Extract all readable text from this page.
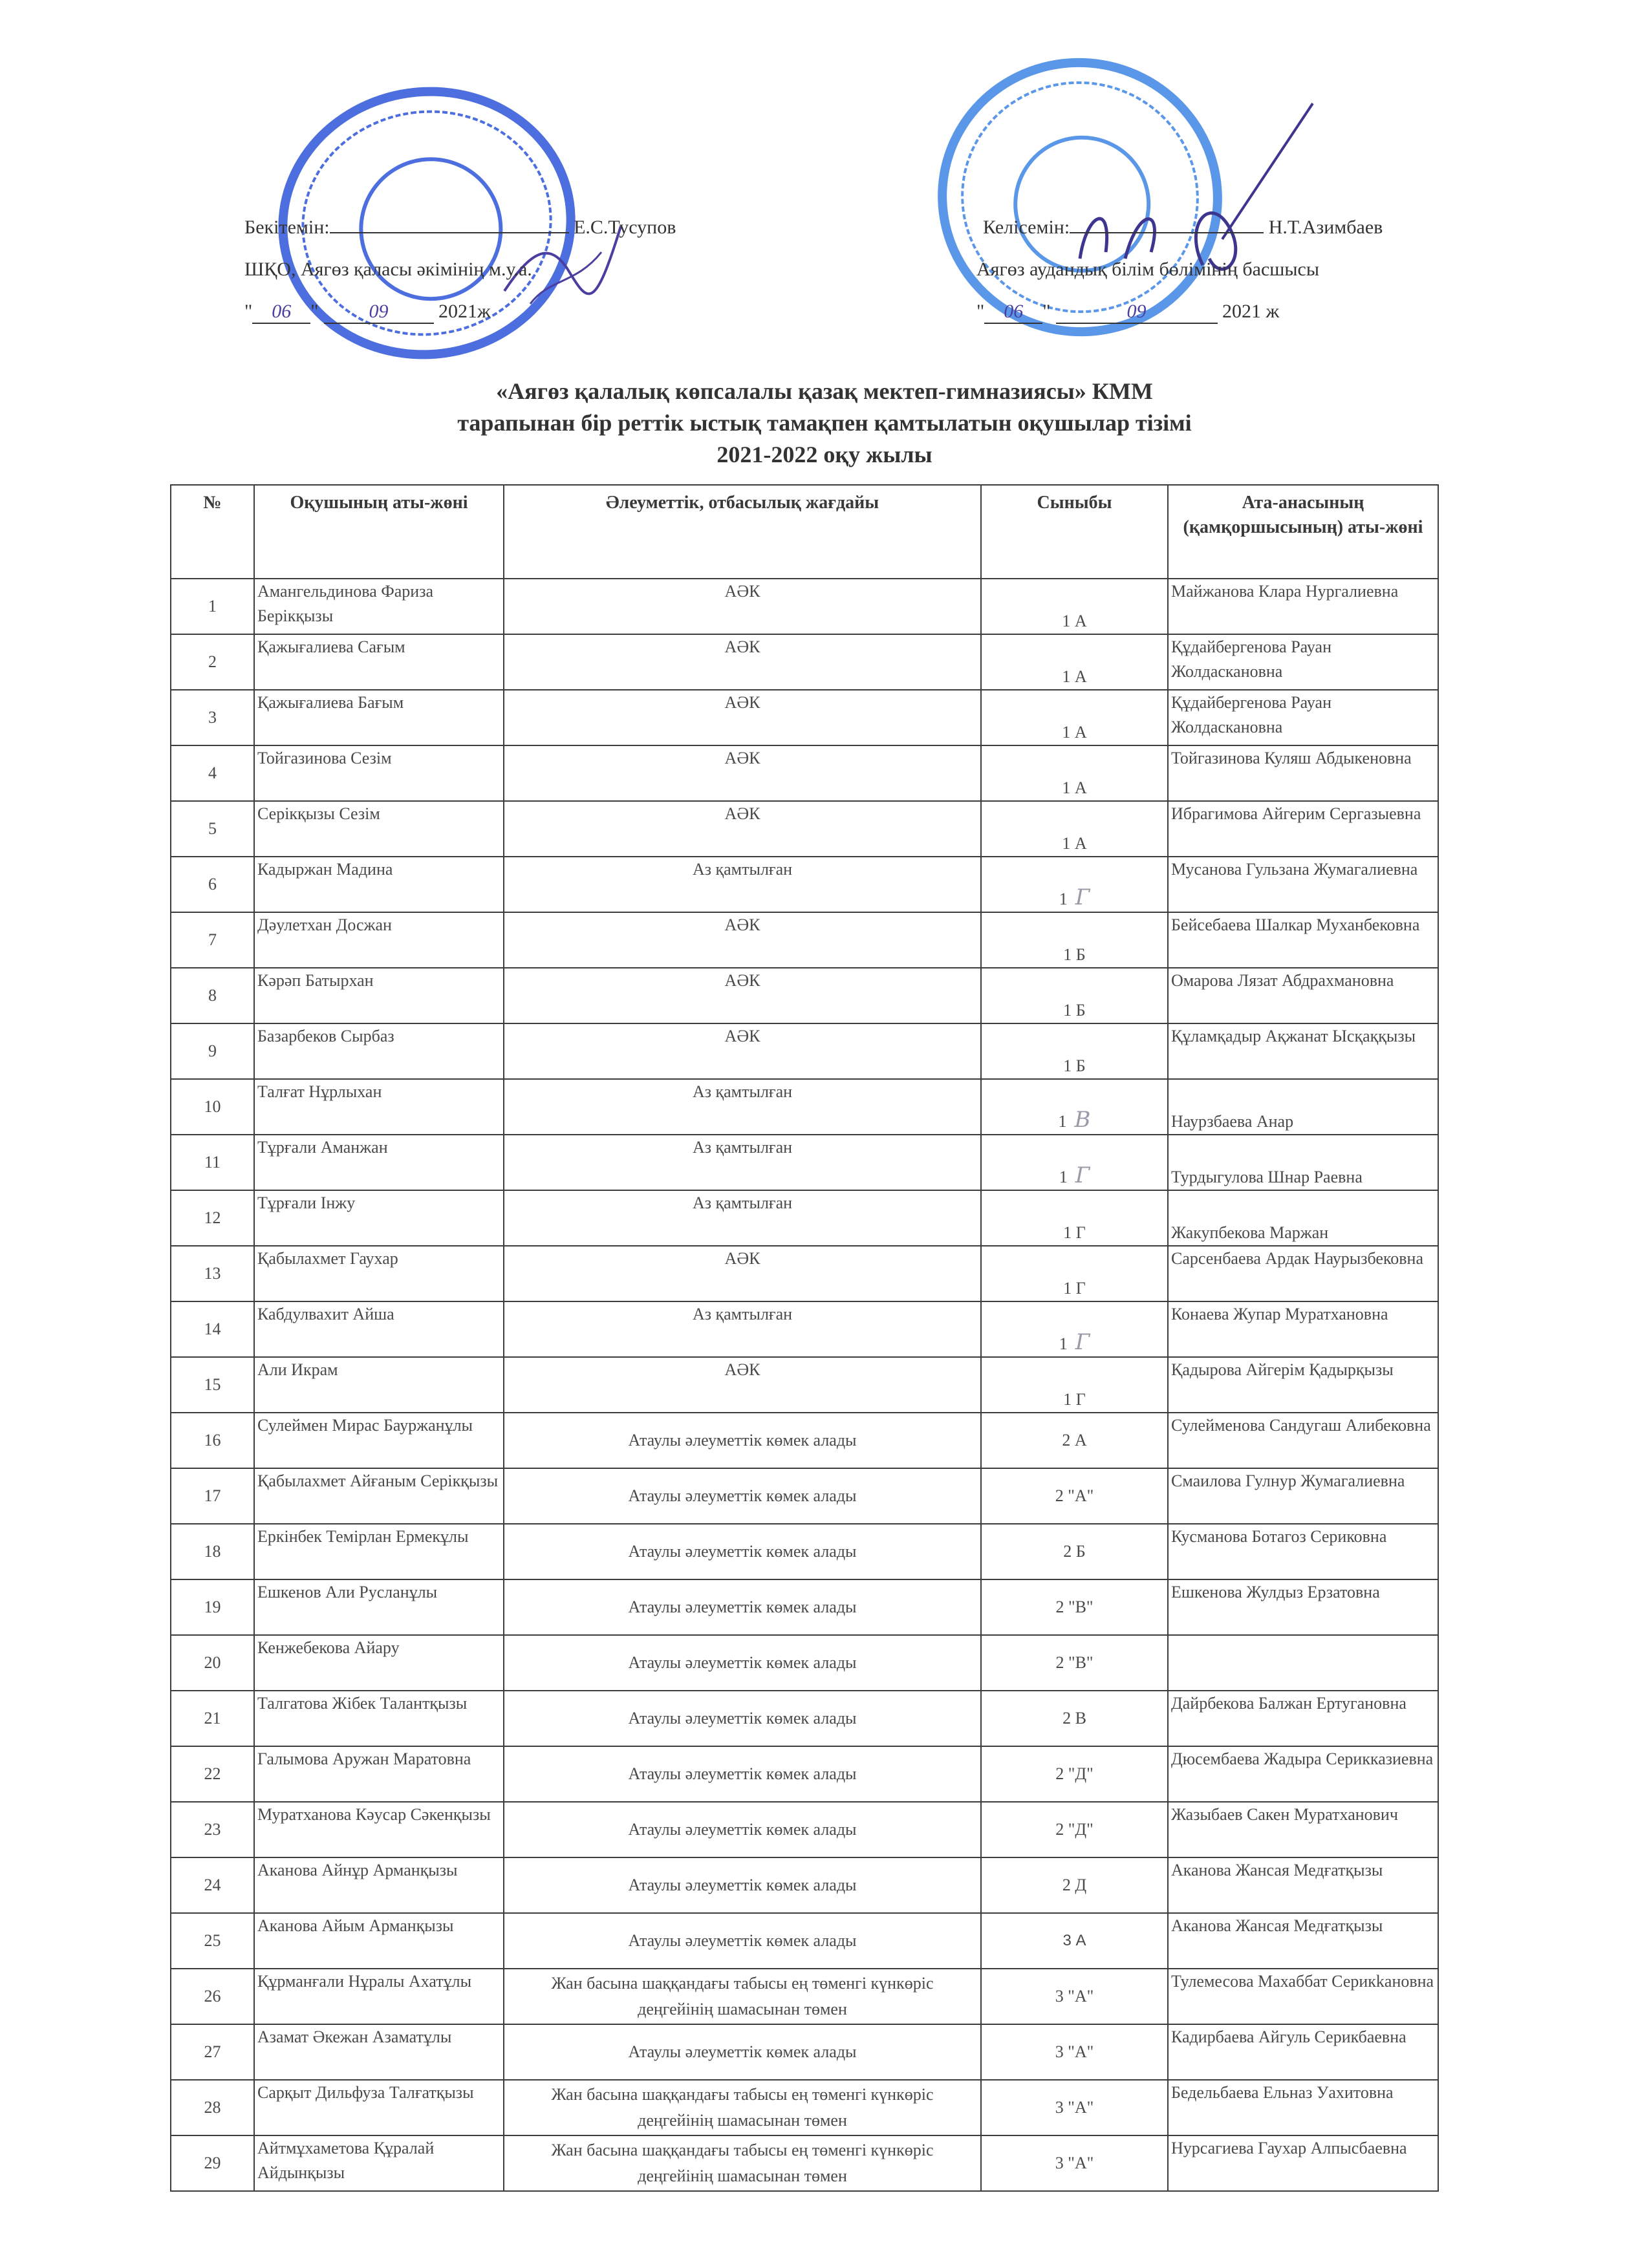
Бекітемін:	Е.С.Тусупов
ШҚО, Аягөз қаласы әкімінің м.у.а.
" 06 "	09	2021ж
Келісемін:	Н.Т.Азимбаев
Аягөз аудандық білім бөлімінің басшысы
" 06 "	09	2021 ж
«Аягөз қалалық көпсалалы қазақ мектеп-гимназиясы» КММ
тарапынан бір реттік ыстық тамақпен қамтылатын оқушылар тізімі
2021-2022 оқу жылы
№	Оқушының аты-жөні	Әлеуметтік, отбасылық жағдайы	Сыныбы	Ата-анасының (қамқоршысының) аты-жөні
1	Амангельдинова Фариза Берікқызы	АӘК	1 А	Майжанова Клара Нургалиевна
2	Қажығалиева Сағым	АӘК	1 А	Құдайбергенова Рауан Жолдаскановна
3	Қажығалиева Бағым	АӘК	1 А	Құдайбергенова Рауан Жолдаскановна
4	Тойгазинова Сезім	АӘК	1 А	Тойгазинова Куляш Абдыкеновна
5	Серікқызы Сезім	АӘК	1 А	Ибрагимова Айгерим Сергазыевна
6	Кадыржан Мадина	Аз қамтылған	1 Г	Мусанова Гульзана Жумагалиевна
7	Дәулетхан Досжан	АӘК	1 Б	Бейсебаева Шалкар Муханбековна
8	Кәрәп Батырхан	АӘК	1 Б	Омарова Лязат Абдрахмановна
9	Базарбеков Сырбаз	АӘК	1 Б	Құламқадыр Ақжанат Ысқаққызы
10	Талғат Нұрлыхан	Аз қамтылған	1 В	Наурзбаева Анар
11	Тұрғали Аманжан	Аз қамтылған	1 Г	Турдыгулова Шнар Раевна
12	Тұрғали Інжу	Аз қамтылған	1 Г	Жакупбекова Маржан
13	Қабылахмет Гаухар	АӘК	1 Г	Сарсенбаева Ардак Наурызбековна
14	Кабдулвахит Айша	Аз қамтылған	1 Г	Конаева Жупар Муратхановна
15	Али Икрам	АӘК	1 Г	Қадырова Айгерім Қадырқызы
16	Сулеймен Мирас Бауржанұлы	Атаулы әлеуметтік көмек алады	2 А	Сулейменова Сандугаш Алибековна
17	Қабылахмет Айғаным Серікқызы	Атаулы әлеуметтік көмек алады	2 "А"	Смаилова Гулнур Жумагалиевна
18	Еркінбек Темірлан Ермекұлы	Атаулы әлеуметтік көмек алады	2 Б	Кусманова Ботагоз Сериковна
19	Ешкенов Али Русланұлы	Атаулы әлеуметтік көмек алады	2 "В"	Ешкенова Жулдыз Ерзатовна
20	Кенжебекова Айару	Атаулы әлеуметтік көмек алады	2 "В"	
21	Талгатова Жібек Талантқызы	Атаулы әлеуметтік көмек алады	2 В	Дайрбекова Балжан Ертугановна
22	Галымова Аружан Маратовна	Атаулы әлеуметтік көмек алады	2 "Д"	Дюсембаева Жадыра Серикказиевна
23	Муратханова Кәусар Сәкенқызы	Атаулы әлеуметтік көмек алады	2 "Д"	Жазыбаев Сакен Муратханович
24	Аканова Айнұр Арманқызы	Атаулы әлеуметтік көмек алады	2 Д	Аканова Жансая Медғатқызы
25	Аканова Айым Арманқызы	Атаулы әлеуметтік көмек алады	3 А	Аканова Жансая Медғатқызы
26	Құрманғали Нұралы Ахатұлы	Жан басына шаққандағы табысы ең төменгі күнкөріс деңгейінің шамасынан төмен	3 "А"	Тулемесова Махаббат Серикkановна
27	Азамат Әкежан Азаматұлы	Атаулы әлеуметтік көмек алады	3 "А"	Кадирбаева Айгуль Серикбаевна
28	Сарқыт Дильфуза Талғатқызы	Жан басына шаққандағы табысы ең төменгі күнкөріс деңгейінің шамасынан төмен	3 "А"	Бедельбаева Ельназ Уахитовна
29	Айтмұхаметова Құралай Айдынқызы	Жан басына шаққандағы табысы ең төменгі күнкөріс деңгейінің шамасынан төмен	3 "А"	Нурсагиева Гаухар Алпысбаевна
